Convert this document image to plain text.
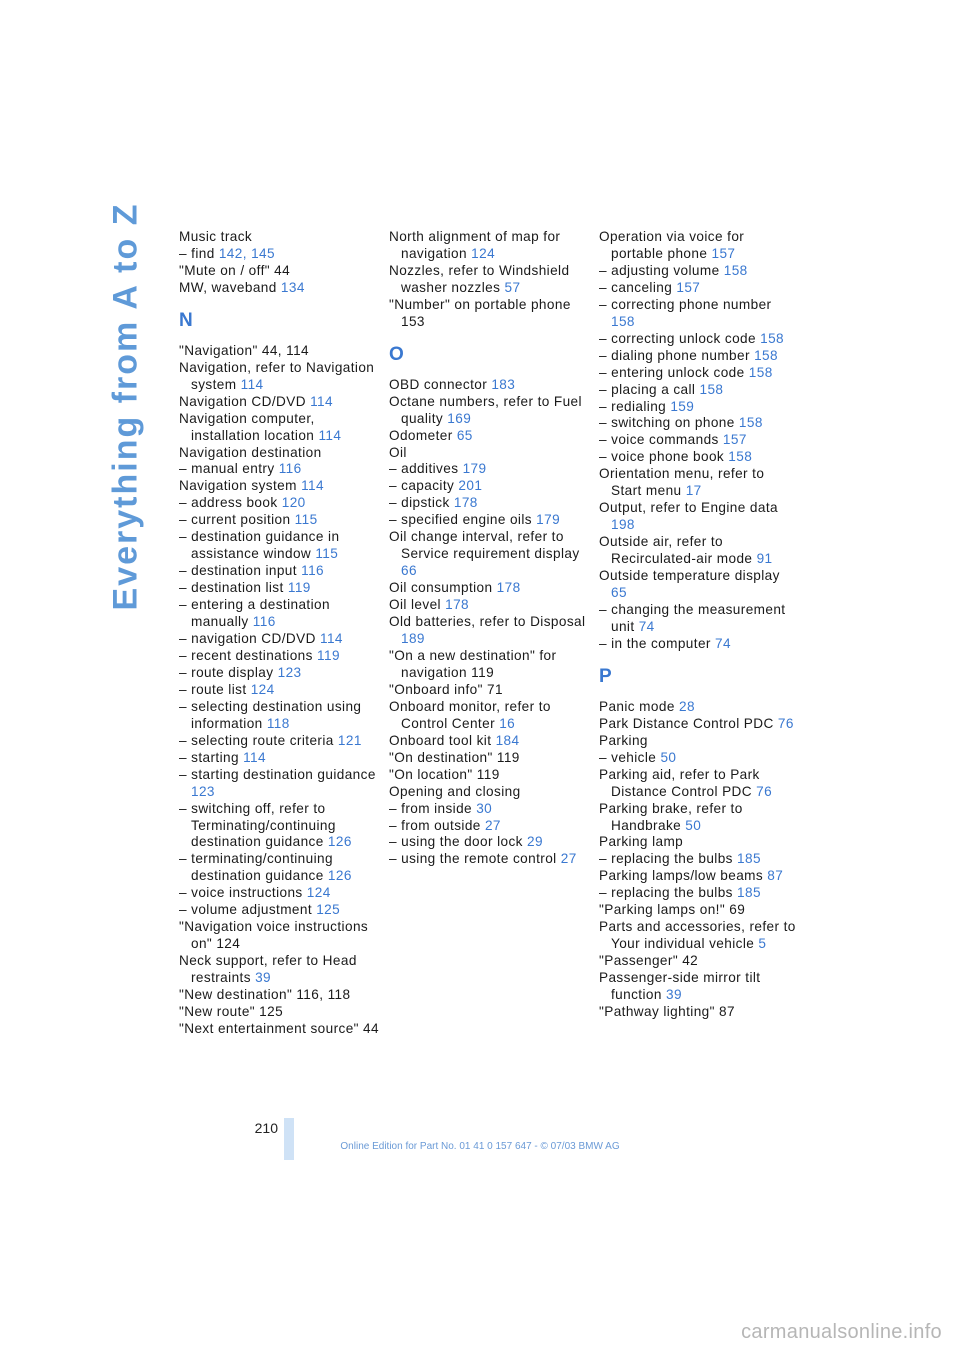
Everything from A to Z	Music track
– find 142, 145
"Mute on / off" 44
MW, waveband 134
N
"Navigation" 44, 114
Navigation, refer to Navigation system 114
Navigation CD/DVD 114
Navigation computer, installation location 114
Navigation destination
– manual entry 116
Navigation system 114
– address book 120
– current position 115
– destination guidance in assistance window 115
– destination input 116
– destination list 119
– entering a destination manually 116
– navigation CD/DVD 114
– recent destinations 119
– route display 123
– route list 124
– selecting destination using information 118
– selecting route criteria 121
– starting 114
– starting destination guidance 123
– switching off, refer to Terminating/continuing destination guidance 126
– terminating/continuing destination guidance 126
– voice instructions 124
– volume adjustment 125
"Navigation voice instructions on" 124
Neck support, refer to Head restraints 39
"New destination" 116, 118
"New route" 125
"Next entertainment source" 44
North alignment of map for navigation 124
Nozzles, refer to Windshield washer nozzles 57
"Number" on portable phone 153
O
OBD connector 183
Octane numbers, refer to Fuel quality 169
Odometer 65
Oil
– additives 179
– capacity 201
– dipstick 178
– specified engine oils 179
Oil change interval, refer to Service requirement display 66
Oil consumption 178
Oil level 178
Old batteries, refer to Disposal 189
"On a new destination" for navigation 119
"Onboard info" 71
Onboard monitor, refer to Control Center 16
Onboard tool kit 184
"On destination" 119
"On location" 119
Opening and closing
– from inside 30
– from outside 27
– using the door lock 29
– using the remote control 27
Operation via voice for portable phone 157
– adjusting volume 158
– canceling 157
– correcting phone number 158
– correcting unlock code 158
– dialing phone number 158
– entering unlock code 158
– placing a call 158
– redialing 159
– switching on phone 158
– voice commands 157
– voice phone book 158
Orientation menu, refer to Start menu 17
Output, refer to Engine data 198
Outside air, refer to Recirculated-air mode 91
Outside temperature display 65
– changing the measurement unit 74
– in the computer 74
P
Panic mode 28
Park Distance Control PDC 76
Parking
– vehicle 50
Parking aid, refer to Park Distance Control PDC 76
Parking brake, refer to Handbrake 50
Parking lamp
– replacing the bulbs 185
Parking lamps/low beams 87
– replacing the bulbs 185
"Parking lamps on!" 69
Parts and accessories, refer to Your individual vehicle 5
"Passenger" 42
Passenger-side mirror tilt function 39
"Pathway lighting" 87
210
Online Edition for Part No. 01 41 0 157 647 - © 07/03 BMW AG
carmanualsonline.info
